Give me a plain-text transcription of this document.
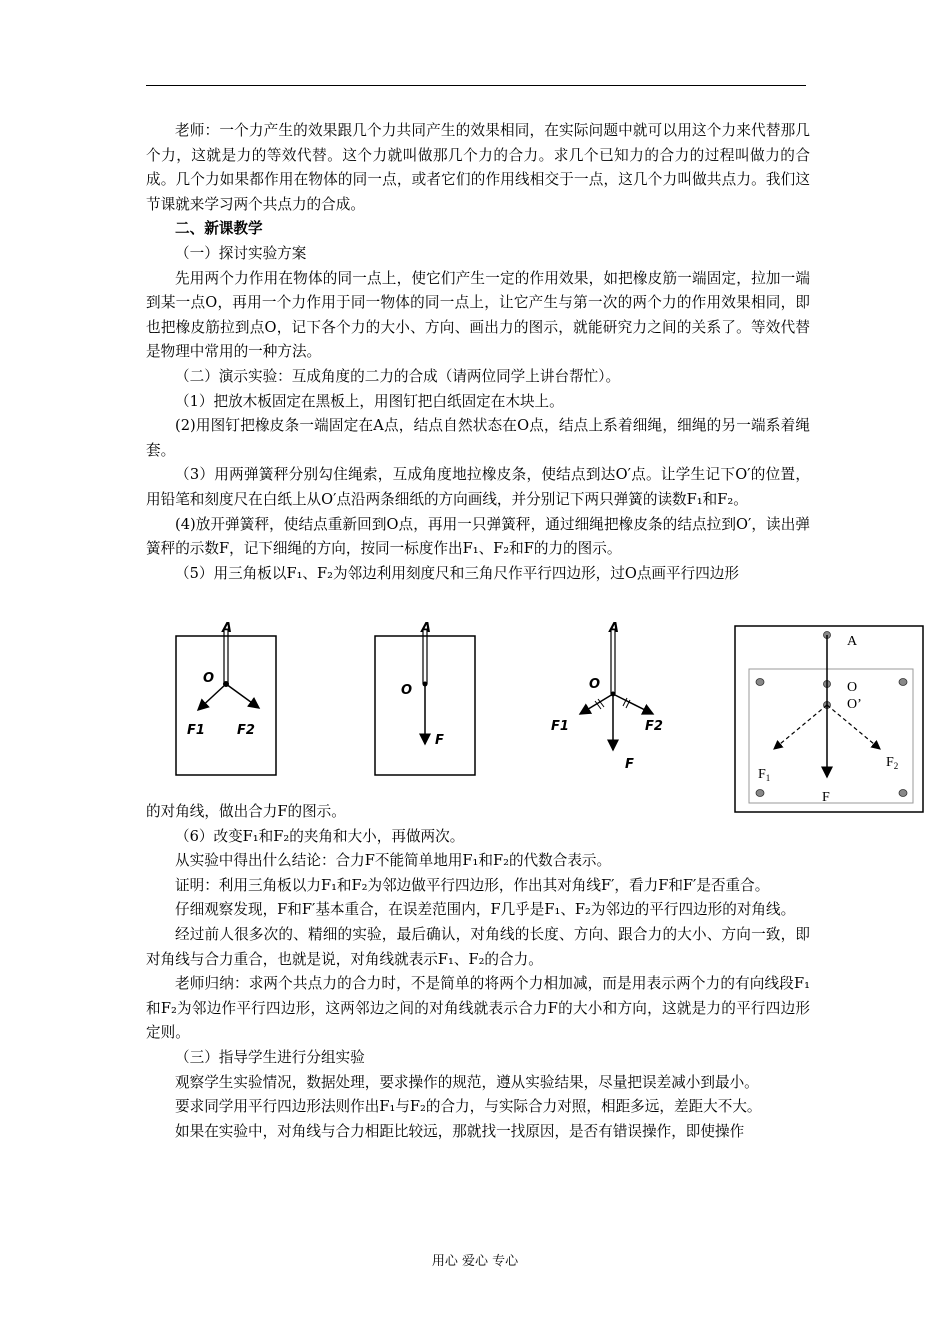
老师：一个力产生的效果跟几个力共同产生的效果相同，在实际问题中就可以用这个力来代替那几个力，这就是力的等效代替。这个力就叫做那几个力的合力。求几个已知力的合力的过程叫做力的合成。几个力如果都作用在物体的同一点，或者它们的作用线相交于一点，这几个力叫做共点力。我们这节课就来学习两个共点力的合成。

二、新课教学

（一）探讨实验方案

先用两个力作用在物体的同一点上，使它们产生一定的作用效果，如把橡皮筋一端固定，拉加一端到某一点O，再用一个力作用于同一物体的同一点上，让它产生与第一次的两个力的作用效果相同，即也把橡皮筋拉到点O，记下各个力的大小、方向、画出力的图示，就能研究力之间的关系了。等效代替是物理中常用的一种方法。

（二）演示实验：互成角度的二力的合成（请两位同学上讲台帮忙）。

（1）把放木板固定在黑板上，用图钉把白纸固定在木块上。

(2)用图钉把橡皮条一端固定在A点，结点自然状态在O点，结点上系着细绳，细绳的另一端系着绳套。

（3）用两弹簧秤分别勾住绳索，互成角度地拉橡皮条，使结点到达O′点。让学生记下O′的位置，用铅笔和刻度尺在白纸上从O′点沿两条细纸的方向画线，并分别记下两只弹簧的读数F₁和F₂。

(4)放开弹簧秤，使结点重新回到O点，再用一只弹簧秤，通过细绳把橡皮条的结点拉到O′，读出弹簧秤的示数F，记下细绳的方向，按同一标度作出F₁、F₂和F的力的图示。

（5）用三角板以F₁、F₂为邻边利用刻度尺和三角尺作平行四边形，过O点画平行四边形

A
O
F1 F2
A
O
F
A
O
F1	F2
F
A
O
O’
$F_1$
$F_2$
F

的对角线，做出合力F的图示。

（6）改变F₁和F₂的夹角和大小，再做两次。

从实验中得出什么结论：合力F不能简单地用F₁和F₂的代数合表示。

证明：利用三角板以力F₁和F₂为邻边做平行四边形，作出其对角线F′，看力F和F′是否重合。

仔细观察发现，F和F′基本重合，在误差范围内，F几乎是F₁、F₂为邻边的平行四边形的对角线。

经过前人很多次的、精细的实验，最后确认，对角线的长度、方向、跟合力的大小、方向一致，即对角线与合力重合，也就是说，对角线就表示F₁、F₂的合力。

老师归纳：求两个共点力的合力时，不是简单的将两个力相加减，而是用表示两个力的有向线段F₁和F₂为邻边作平行四边形，这两邻边之间的对角线就表示合力F的大小和方向，这就是力的平行四边形定则。

（三）指导学生进行分组实验

观察学生实验情况，数据处理，要求操作的规范，遵从实验结果，尽量把误差减小到最小。

要求同学用平行四边形法则作出F₁与F₂的合力，与实际合力对照，相距多远，差距大不大。

如果在实验中，对角线与合力相距比较远，那就找一找原因，是否有错误操作，即使操作

用心 爱心 专心
